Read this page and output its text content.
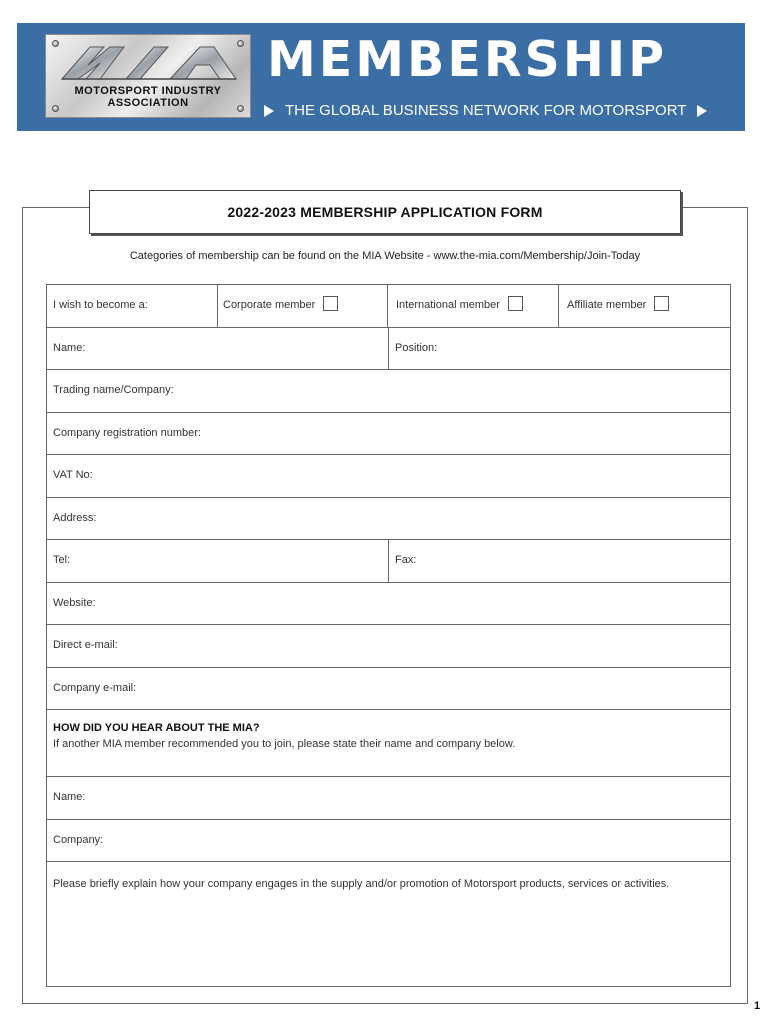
MOTORSPORT INDUSTRY
ASSOCIATION
MEMBERSHIP
THE GLOBAL BUSINESS NETWORK FOR MOTORSPORT
2022-2023 MEMBERSHIP APPLICATION FORM
Categories of membership can be found on the MIA Website - www.the-mia.com/Membership/Join-Today
I wish to become a:	Corporate member	International member	Affiliate member
Name:	Position:
Trading name/Company:
Company registration number:
VAT No:
Address:
Tel:	Fax:
Website:
Direct e-mail:
Company e-mail:
HOW DID YOU HEAR ABOUT THE MIA?
If another MIA member recommended you to join, please state their name and company below.
Name:
Company:
Please briefly explain how your company engages in the supply and/or promotion of Motorsport products, services or activities.
1
